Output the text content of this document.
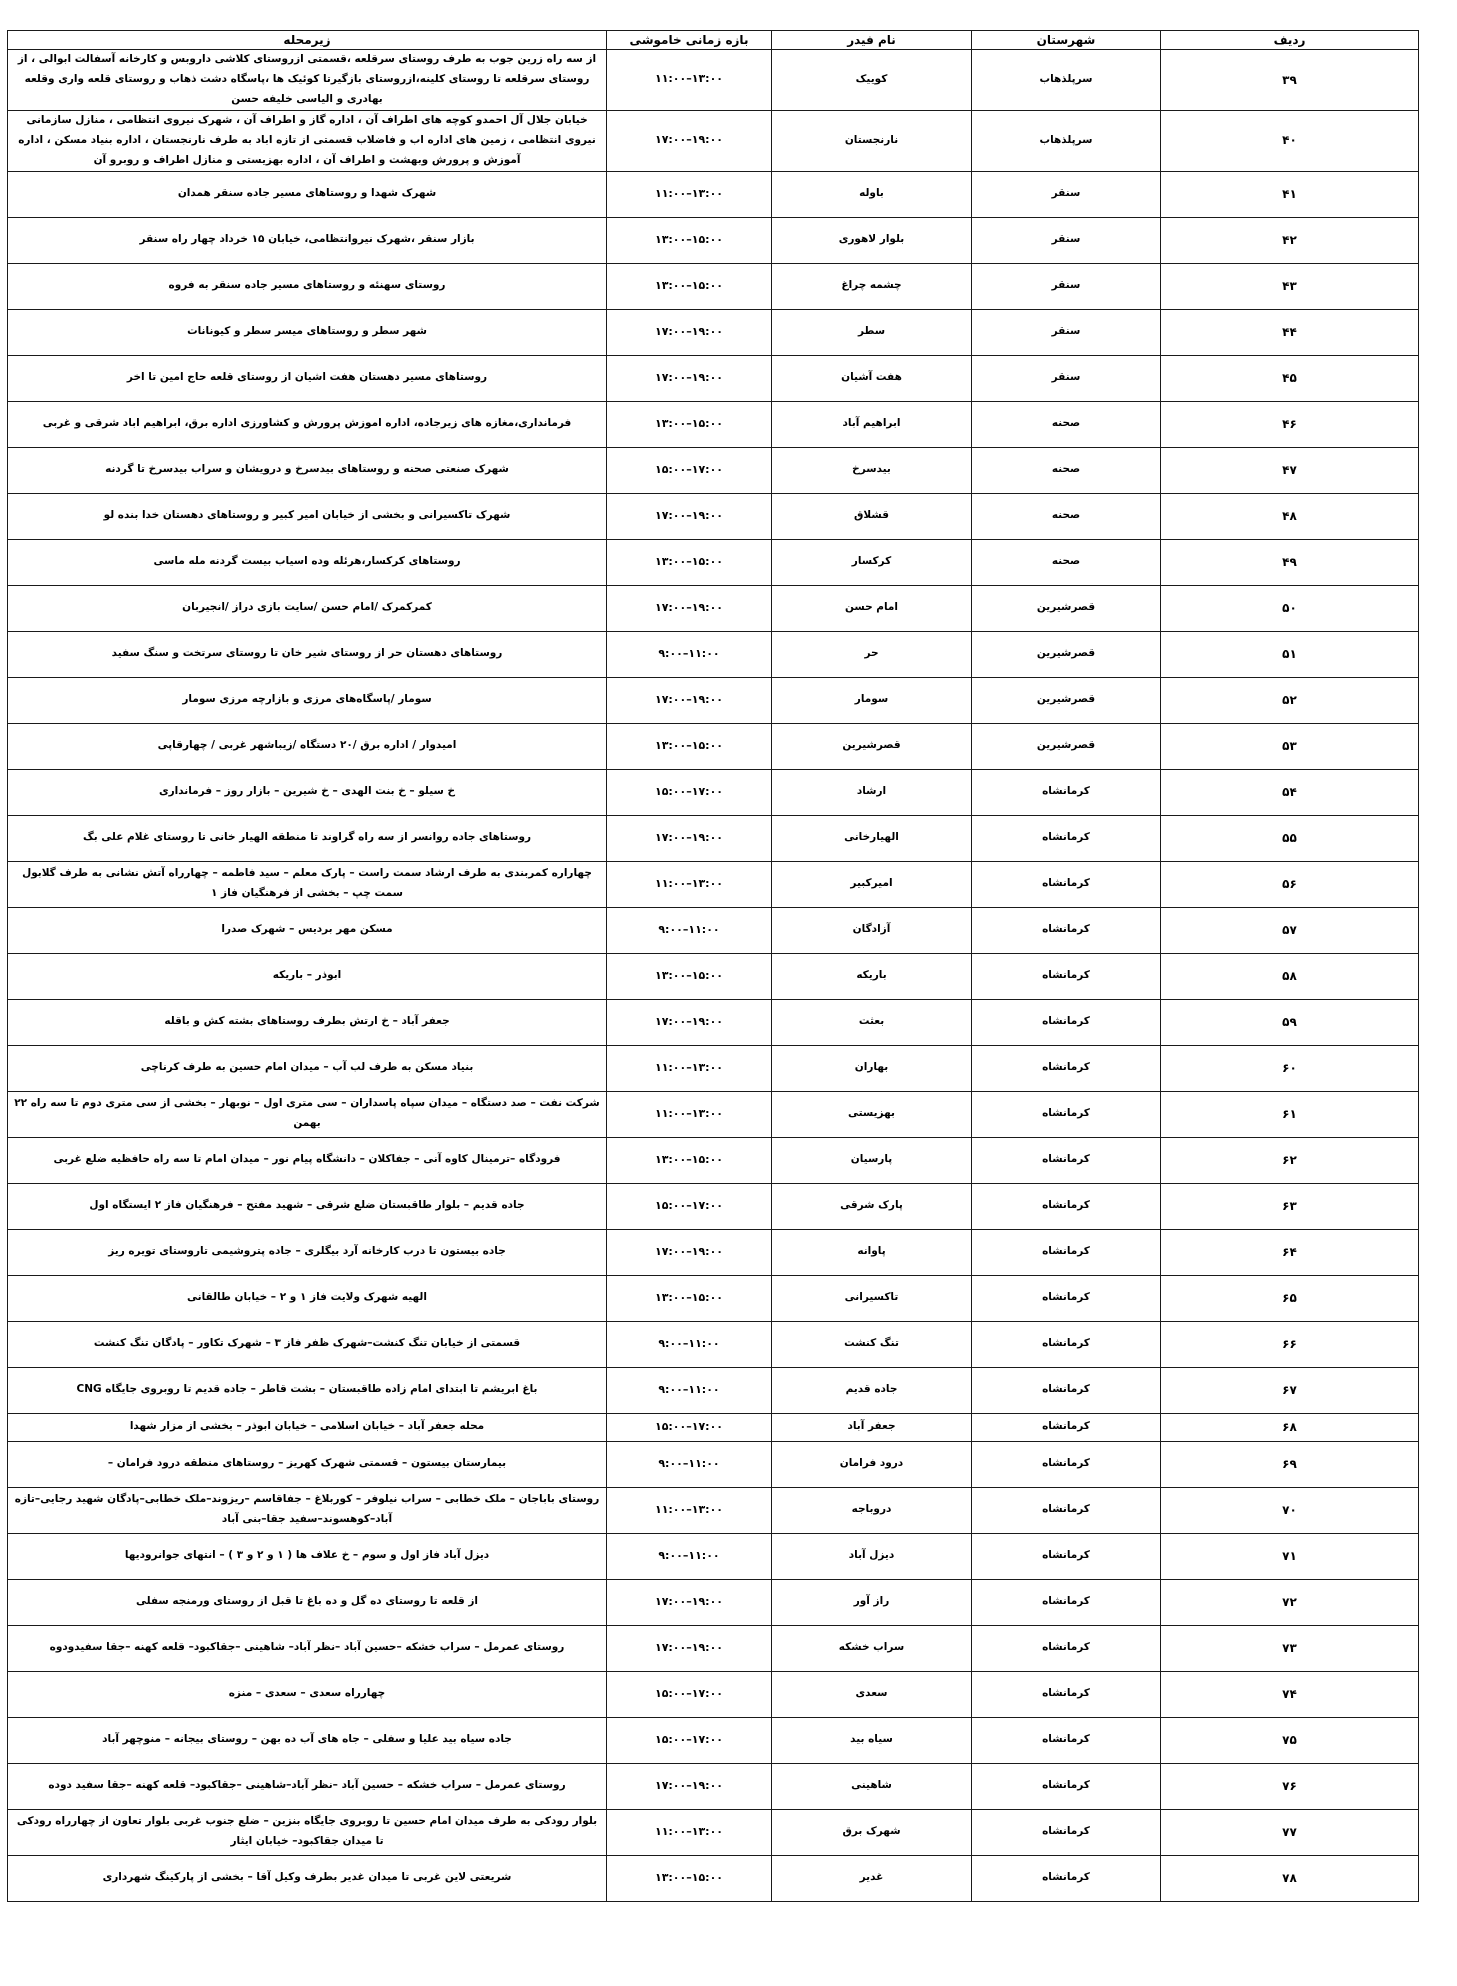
ردیف	شهرستان	نام فیدر	بازه زمانی خاموشی	زیرمحله
۳۹	سرپلذهاب	کوییک	۱۱:۰۰–۱۳:۰۰	از سه راه زرین جوب به طرف روستای سرقلعه ،قسمتی ازروستای کلاشی داروبس و کارخانه آسفالت ابوالی ، از روستای سرقلعه تا روستای کلینه،ازروستای بازگیرتا کوئیک ها ،پاسگاه دشت ذهاب و روستای قلعه واری وقلعه بهادری و الیاسی خلیفه حسن
۴۰	سرپلذهاب	نارنجستان	۱۷:۰۰–۱۹:۰۰	خیابان جلال آل احمدو کوچه های اطراف آن ، اداره گاز و اطراف آن ، شهرک نیروی انتظامی ، منازل سازمانی نیروی انتظامی ، زمین های اداره اب و فاضلاب قسمتی از تازه اباد به طرف نارنجستان ، اداره بنیاد مسکن ، اداره آموزش و پرورش وبهشت و اطراف آن ، اداره بهزیستی و منازل اطراف و روبرو آن
۴۱	سنقر	باوله	۱۱:۰۰–۱۳:۰۰	شهرک شهدا و روستاهای مسیر جاده سنقر همدان
۴۲	سنقر	بلوار لاهوری	۱۳:۰۰–۱۵:۰۰	بازار سنقر ،شهرک نیروانتظامی، خیابان ۱۵ خرداد چهار راه سنقر
۴۳	سنقر	چشمه چراغ	۱۳:۰۰–۱۵:۰۰	روستای سهنئه و روستاهای مسیر جاده سنقر به فروه
۴۴	سنقر	سطر	۱۷:۰۰–۱۹:۰۰	شهر سطر و روستاهای میسر سطر و کیونانات
۴۵	سنقر	هفت آشیان	۱۷:۰۰–۱۹:۰۰	روستاهای مسیر دهستان هفت اشیان از روستای قلعه حاج امین تا اخر
۴۶	صحنه	ابراهیم آباد	۱۳:۰۰–۱۵:۰۰	فرمانداری،مغازه های زیرجاده، اداره اموزش پرورش و کشاورزی اداره برق، ابراهیم اباد شرقی و غربی
۴۷	صحنه	بیدسرخ	۱۵:۰۰–۱۷:۰۰	شهرک صنعتی صحنه و روستاهای بیدسرخ و درویشان و سراب بیدسرخ تا گردنه
۴۸	صحنه	قشلاق	۱۷:۰۰–۱۹:۰۰	شهرک تاکسیرانی و بخشی از خیابان امیر کبیر و روستاهای دهستان خدا بنده لو
۴۹	صحنه	کرکسار	۱۳:۰۰–۱۵:۰۰	روستاهای کرکسار،هرئله وده اسیاب بیست گردنه مله ماسی
۵۰	قصرشیرین	امام حسن	۱۷:۰۰–۱۹:۰۰	کمرکمرک /امام حسن /سایت بازی دراز /انجیربان
۵۱	قصرشیرین	حر	۹:۰۰–۱۱:۰۰	روستاهای دهستان حر از روستای شیر خان تا روستای سرتخت و سنگ سفید
۵۲	قصرشیرین	سومار	۱۷:۰۰–۱۹:۰۰	سومار /پاسگاه‌های مرزی و بازارچه مرزی سومار
۵۳	قصرشیرین	قصرشیرین	۱۳:۰۰–۱۵:۰۰	امیدوار / اداره برق /۲۰ دستگاه /زیباشهر غربی / چهارقاپی
۵۴	کرمانشاه	ارشاد	۱۵:۰۰–۱۷:۰۰	خ سیلو – خ بنت الهدی – خ شیرین – بازار روز – فرمانداری
۵۵	کرمانشاه	الهیارخانی	۱۷:۰۰–۱۹:۰۰	روستاهای جاده روانسر از سه راه گراوند تا منطقه الهیار خانی تا روستای غلام علی بگ
۵۶	کرمانشاه	امیرکبیر	۱۱:۰۰–۱۳:۰۰	چهاراره کمربندی به طرف ارشاد سمت راست – پارک معلم – سید فاطمه – چهارراه آتش نشانی به طرف گلابول سمت چپ – بخشی از فرهنگیان فاز ۱
۵۷	کرمانشاه	آزادگان	۹:۰۰–۱۱:۰۰	مسکن مهر بردیس – شهرک صدرا
۵۸	کرمانشاه	باریکه	۱۳:۰۰–۱۵:۰۰	ابوذر – باریکه
۵۹	کرمانشاه	بعثت	۱۷:۰۰–۱۹:۰۰	جعفر آباد – خ ارتش بطرف روستاهای بشته کش و باقله
۶۰	کرمانشاه	بهاران	۱۱:۰۰–۱۳:۰۰	بنیاد مسکن به طرف لب آب – میدان امام حسین به طرف کرناچی
۶۱	کرمانشاه	بهزیستی	۱۱:۰۰–۱۳:۰۰	شرکت نفت – صد دستگاه – میدان سپاه پاسداران – سی متری اول – نوبهار – بخشی از سی متری دوم تا سه راه ۲۲ بهمن
۶۲	کرمانشاه	پارسیان	۱۳:۰۰–۱۵:۰۰	فرودگاه –ترمینال کاوه آنی – جفاکلان – دانشگاه پیام نور – میدان امام تا سه راه حافظیه ضلع غربی
۶۳	کرمانشاه	پارک شرقی	۱۵:۰۰–۱۷:۰۰	جاده قدیم – بلوار طاقبستان ضلع شرقی – شهید مفتح – فرهنگیان فاز ۲ ایستگاه اول
۶۴	کرمانشاه	پاوانه	۱۷:۰۰–۱۹:۰۰	جاده بیستون تا درب کارخانه آرد بیگلری – جاده پتروشیمی تاروستای تویره ریز
۶۵	کرمانشاه	تاکسیرانی	۱۳:۰۰–۱۵:۰۰	الهیه شهرک ولایت فاز ۱ و ۲ – خیابان طالقانی
۶۶	کرمانشاه	تنگ کنشت	۹:۰۰–۱۱:۰۰	قسمتی از خیابان تنگ کنشت–شهرک ظفر فاز ۳ – شهرک تکاور – پادگان تنگ کنشت
۶۷	کرمانشاه	جاده قدیم	۹:۰۰–۱۱:۰۰	باغ ابریشم تا ابتدای امام زاده طاقبستان – بشت قاطر – جاده قدیم تا روبروی جایگاه CNG
۶۸	کرمانشاه	جعفر آباد	۱۵:۰۰–۱۷:۰۰	محله جعفر آباد – خیابان اسلامی – خیابان ابوذر – بخشی از مزار شهدا
۶۹	کرمانشاه	درود فرامان	۹:۰۰–۱۱:۰۰	بیمارستان بیستون – قسمتی شهرک کهریز – روستاهای منطقه درود فرامان –
۷۰	کرمانشاه	دروباجه	۱۱:۰۰–۱۳:۰۰	روستای باباجان – ملک خطابی – سراب نیلوفر – کوربلاغ – جفاقاسم –ریزوند–ملک خطابی–پادگان شهید رجایی–تازه آباد–کوهسوند–سفید جقا–بنی آباد
۷۱	کرمانشاه	دیزل آباد	۹:۰۰–۱۱:۰۰	دیزل آباد فاز اول و سوم – خ علاف ها ( ۱ و ۲ و ۳ ) – انتهای جوانرودیها
۷۲	کرمانشاه	راز آور	۱۷:۰۰–۱۹:۰۰	از قلعه تا روستای ده گل و ده باغ تا قبل از روستای ورمنجه سفلی
۷۳	کرمانشاه	سراب خشکه	۱۷:۰۰–۱۹:۰۰	روستای عمرمل – سراب خشکه –حسین آباد –نظر آباد– شاهینی –جقاکبود– قلعه کهنه –جقا سفیدودوه
۷۴	کرمانشاه	سعدی	۱۵:۰۰–۱۷:۰۰	چهارراه سعدی – سعدی – منزه
۷۵	کرمانشاه	سیاه بید	۱۵:۰۰–۱۷:۰۰	جاده سیاه بید علیا و سفلی – جاه های آب ده بهن – روستای بیجانه – منوچهر آباد
۷۶	کرمانشاه	شاهینی	۱۷:۰۰–۱۹:۰۰	روستای عمرمل – سراب خشکه – حسین آباد –نظر آباد–شاهینی –جقاکبود– قلعه کهنه –جقا سفید دوده
۷۷	کرمانشاه	شهرک برق	۱۱:۰۰–۱۳:۰۰	بلوار رودکی به طرف میدان امام حسین تا روبروی جایگاه بنزین – ضلع جنوب غربی بلوار تعاون از چهارراه رودکی تا میدان جقاکبود– خیابان ایثار
۷۸	کرمانشاه	غدیر	۱۳:۰۰–۱۵:۰۰	شریعتی لاین غربی تا میدان غدیر بطرف وکیل آقا – بخشی از پارکینگ شهرداری
